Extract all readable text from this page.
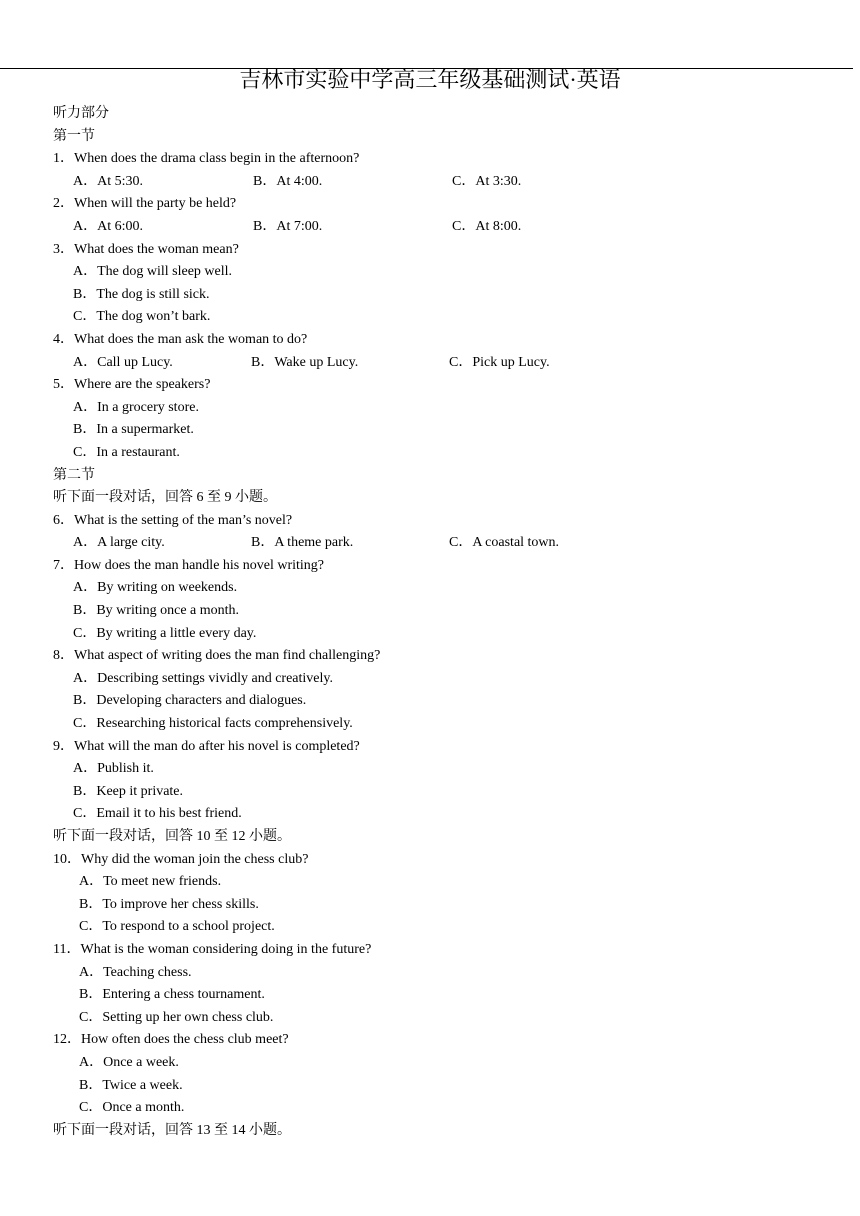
吉林市实验中学高三年级基础测试·英语
听力部分
第一节
1．When does the drama class begin in the afternoon?
A．At 5:30.	B．At 4:00.	C．At 3:30.
2．When will the party be held?
A．At 6:00.	B．At 7:00.	C．At 8:00.
3．What does the woman mean?
A．The dog will sleep well.
B．The dog is still sick.
C．The dog won’t bark.
4．What does the man ask the woman to do?
A．Call up Lucy.	B．Wake up Lucy.	C．Pick up Lucy.
5．Where are the speakers?
A．In a grocery store.
B．In a supermarket.
C．In a restaurant.
第二节
听下面一段对话，回答 6 至 9 小题。
6．What is the setting of the man’s novel?
A．A large city.	B．A theme park.	C．A coastal town.
7．How does the man handle his novel writing?
A．By writing on weekends.
B．By writing once a month.
C．By writing a little every day.
8．What aspect of writing does the man find challenging?
A．Describing settings vividly and creatively.
B．Developing characters and dialogues.
C．Researching historical facts comprehensively.
9．What will the man do after his novel is completed?
A．Publish it.
B．Keep it private.
C．Email it to his best friend.
听下面一段对话，回答 10 至 12 小题。
10．Why did the woman join the chess club?
A．To meet new friends.
B．To improve her chess skills.
C．To respond to a school project.
11．What is the woman considering doing in the future?
A．Teaching chess.
B．Entering a chess tournament.
C．Setting up her own chess club.
12．How often does the chess club meet?
A．Once a week.
B．Twice a week.
C．Once a month.
听下面一段对话，回答 13 至 14 小题。
